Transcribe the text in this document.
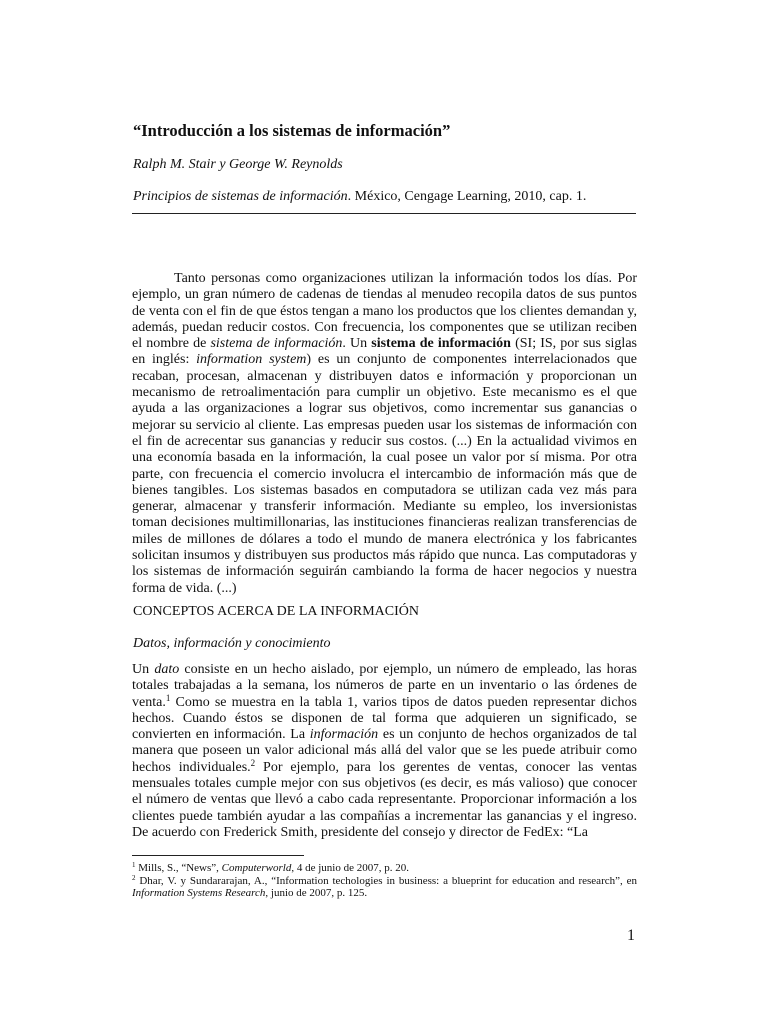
“Introducción a los sistemas de información”

Ralph M. Stair y George W. Reynolds

Principios de sistemas de información. México, Cengage Learning, 2010, cap. 1.

Tanto personas como organizaciones utilizan la información todos los días. Por ejemplo, un gran número de cadenas de tiendas al menudeo recopila datos de sus puntos de venta con el fin de que éstos tengan a mano los productos que los clientes demandan y, además, puedan reducir costos. Con frecuencia, los componentes que se utilizan reciben el nombre de sistema de información. Un sistema de información (SI; IS, por sus siglas en inglés: information system) es un conjunto de componentes interrelacionados que recaban, procesan, almacenan y distribuyen datos e información y proporcionan un mecanismo de retroalimentación para cumplir un objetivo. Este mecanismo es el que ayuda a las organizaciones a lograr sus objetivos, como incrementar sus ganancias o mejorar su servicio al cliente. Las empresas pueden usar los sistemas de información con el fin de acrecentar sus ganancias y reducir sus costos. (...) En la actualidad vivimos en una economía basada en la información, la cual posee un valor por sí misma. Por otra parte, con frecuencia el comercio involucra el intercambio de información más que de bienes tangibles. Los sistemas basados en computadora se utilizan cada vez más para generar, almacenar y transferir información. Mediante su empleo, los inversionistas toman decisiones multimillonarias, las instituciones financieras realizan transferencias de miles de millones de dólares a todo el mundo de manera electrónica y los fabricantes solicitan insumos y distribuyen sus productos más rápido que nunca. Las computadoras y los sistemas de información seguirán cambiando la forma de hacer negocios y nuestra forma de vida. (...)

CONCEPTOS ACERCA DE LA INFORMACIÓN
Datos, información y conocimiento

Un dato consiste en un hecho aislado, por ejemplo, un número de empleado, las horas totales trabajadas a la semana, los números de parte en un inventario o las órdenes de venta.$^1$ Como se muestra en la tabla 1, varios tipos de datos pueden representar dichos hechos. Cuando éstos se disponen de tal forma que adquieren un significado, se convierten en información. La información es un conjunto de hechos organizados de tal manera que poseen un valor adicional más allá del valor que se les puede atribuir como hechos individuales.$^2$ Por ejemplo, para los gerentes de ventas, conocer las ventas mensuales totales cumple mejor con sus objetivos (es decir, es más valioso) que conocer el número de ventas que llevó a cabo cada representante. Proporcionar información a los clientes puede también ayudar a las compañías a incrementar las ganancias y el ingreso. De acuerdo con Frederick Smith, presidente del consejo y director de FedEx: “La

$^1$ Mills, S., “News”, Computerworld, 4 de junio de 2007, p. 20.

$^2$ Dhar, V. y Sundararajan, A., “Information techologies in business: a blueprint for education and research”, en Information Systems Research, junio de 2007, p. 125.

1
